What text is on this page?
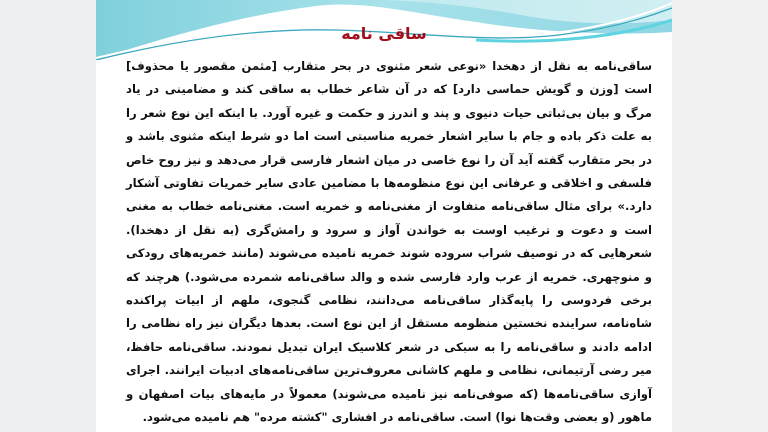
ساقی نامه

ساقی‌نامه به نقل از دهخدا «نوعی شعر مثنوی در بحر متقارب [مثمن مقصور یا محذوف] است [وزن و گویش حماسی دارد] که در آن شاعر خطاب به ساقی کند و مضامینی در یاد مرگ و بیان بی‌ثباتی حیات دنیوی و پند و اندرز و حکمت و غیره آورد. با اینکه این نوع شعر را به علت ذکر باده و جام با سایر اشعار خمریه مناسبتی است اما دو شرط اینکه مثنوی باشد و در بحر متقارب گفته آید آن را نوع خاصی در میان اشعار فارسی قرار می‌دهد و نیز روح خاص فلسفی و اخلاقی و عرفانی این نوع منظومه‌ها با مضامین عادی سایر خمریات تفاوتی آشکار دارد.» برای مثال ساقی‌نامه متفاوت از مغنی‌نامه و خمریه است. مغنی‌نامه خطاب به مغنی است و دعوت و ترغیب اوست به خواندن آواز و سرود و رامش‌گری (به نقل از دهخدا). شعرهایی که در توصیف شراب سروده شوند خمریه نامیده می‌شوند (مانند خمریه‌های رودکی و منوچهری. خمریه از عرب وارد فارسی شده و والد ساقی‌نامه شمرده می‌شود.) هرچند که برخی فردوسی را پایه‌گذار ساقی‌نامه می‌دانند، نظامی گنجوی، ملهم از ابیات پراکنده شاه‌نامه، سراینده نخستین منظومه مستقل از این نوع است. بعدها دیگران نیز راه نظامی را ادامه دادند و ساقی‌نامه را به سبکی در شعر کلاسیک ایران تبدیل نمودند. ساقی‌نامه حافظ، میر رضی آرتیمانی، نظامی و ملهم کاشانی معروف‌ترین ساقی‌نامه‌های ادبیات ایرانند. اجرای آوازی ساقی‌نامه‌ها (که صوفی‌نامه نیز نامیده می‌شوند) معمولاً در مایه‌های بیات اصفهان و ماهور (و بعضی وقت‌ها نوا) است. ساقی‌نامه در افشاری "کشته مرده" هم نامیده می‌شود.
